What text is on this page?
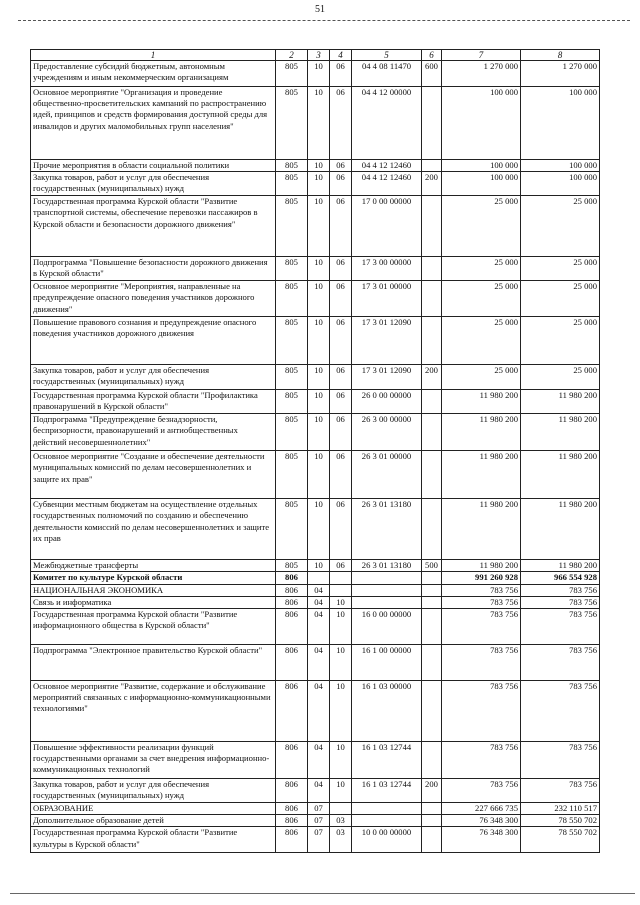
51
1	2	3	4	5	6	7	8
Предоставление субсидий бюджетным, автономным учреждениям и иным некоммерческим организациям	805	10	06	04 4 08 11470	600	1 270 000	1 270 000
Основное мероприятие "Организация и проведение общественно-просветительских кампаний по распространению идей, принципов и средств формирования доступной среды для инвалидов и других маломобильных групп населения"	805	10	06	04 4 12 00000		100 000	100 000
Прочие мероприятия в области социальной политики	805	10	06	04 4 12 12460		100 000	100 000
Закупка товаров, работ и услуг для обеспечения государственных (муниципальных) нужд	805	10	06	04 4 12 12460	200	100 000	100 000
Государственная программа Курской области "Развитие транспортной системы, обеспечение перевозки пассажиров в Курской области и безопасности дорожного движения"	805	10	06	17 0 00 00000		25 000	25 000
Подпрограмма "Повышение безопасности дорожного движения в Курской области"	805	10	06	17 3 00 00000		25 000	25 000
Основное мероприятие "Мероприятия, направленные на предупреждение опасного поведения участников дорожного движения"	805	10	06	17 3 01 00000		25 000	25 000
Повышение правового сознания и предупреждение опасного поведения участников дорожного движения	805	10	06	17 3 01 12090		25 000	25 000
Закупка товаров, работ и услуг для обеспечения государственных (муниципальных) нужд	805	10	06	17 3 01 12090	200	25 000	25 000
Государственная программа Курской области "Профилактика правонарушений в Курской области"	805	10	06	26 0 00 00000		11 980 200	11 980 200
Подпрограмма "Предупреждение безнадзорности, беспризорности, правонарушений и антиобщественных действий несовершеннолетних"	805	10	06	26 3 00 00000		11 980 200	11 980 200
Основное мероприятие "Создание и обеспечение деятельности муниципальных комиссий по делам несовершеннолетних и защите их прав"	805	10	06	26 3 01 00000		11 980 200	11 980 200
Субвенции местным бюджетам на осуществление отдельных государственных полномочий по созданию и обеспечению деятельности комиссий по делам несовершеннолетних и защите их прав	805	10	06	26 3 01 13180		11 980 200	11 980 200
Межбюджетные трансферты	805	10	06	26 3 01 13180	500	11 980 200	11 980 200
Комитет по культуре Курской области	806					991 260 928	966 554 928
НАЦИОНАЛЬНАЯ ЭКОНОМИКА	806	04				783 756	783 756
Связь и информатика	806	04	10			783 756	783 756
Государственная программа Курской области "Развитие информационного общества в Курской области"	806	04	10	16 0 00 00000		783 756	783 756
Подпрограмма "Электронное правительство Курской области"	806	04	10	16 1 00 00000		783 756	783 756
Основное мероприятие "Развитие, содержание и обслуживание мероприятий связанных с информационно-коммуникационными технологиями"	806	04	10	16 1 03 00000		783 756	783 756
Повышение эффективности реализации функций государственными органами за счет внедрения информационно-коммуникационных технологий	806	04	10	16 1 03 12744		783 756	783 756
Закупка товаров, работ и услуг для обеспечения государственных (муниципальных) нужд	806	04	10	16 1 03 12744	200	783 756	783 756
ОБРАЗОВАНИЕ	806	07				227 666 735	232 110 517
Дополнительное образование детей	806	07	03			76 348 300	78 550 702
Государственная программа Курской области "Развитие культуры в Курской области"	806	07	03	10 0 00 00000		76 348 300	78 550 702
